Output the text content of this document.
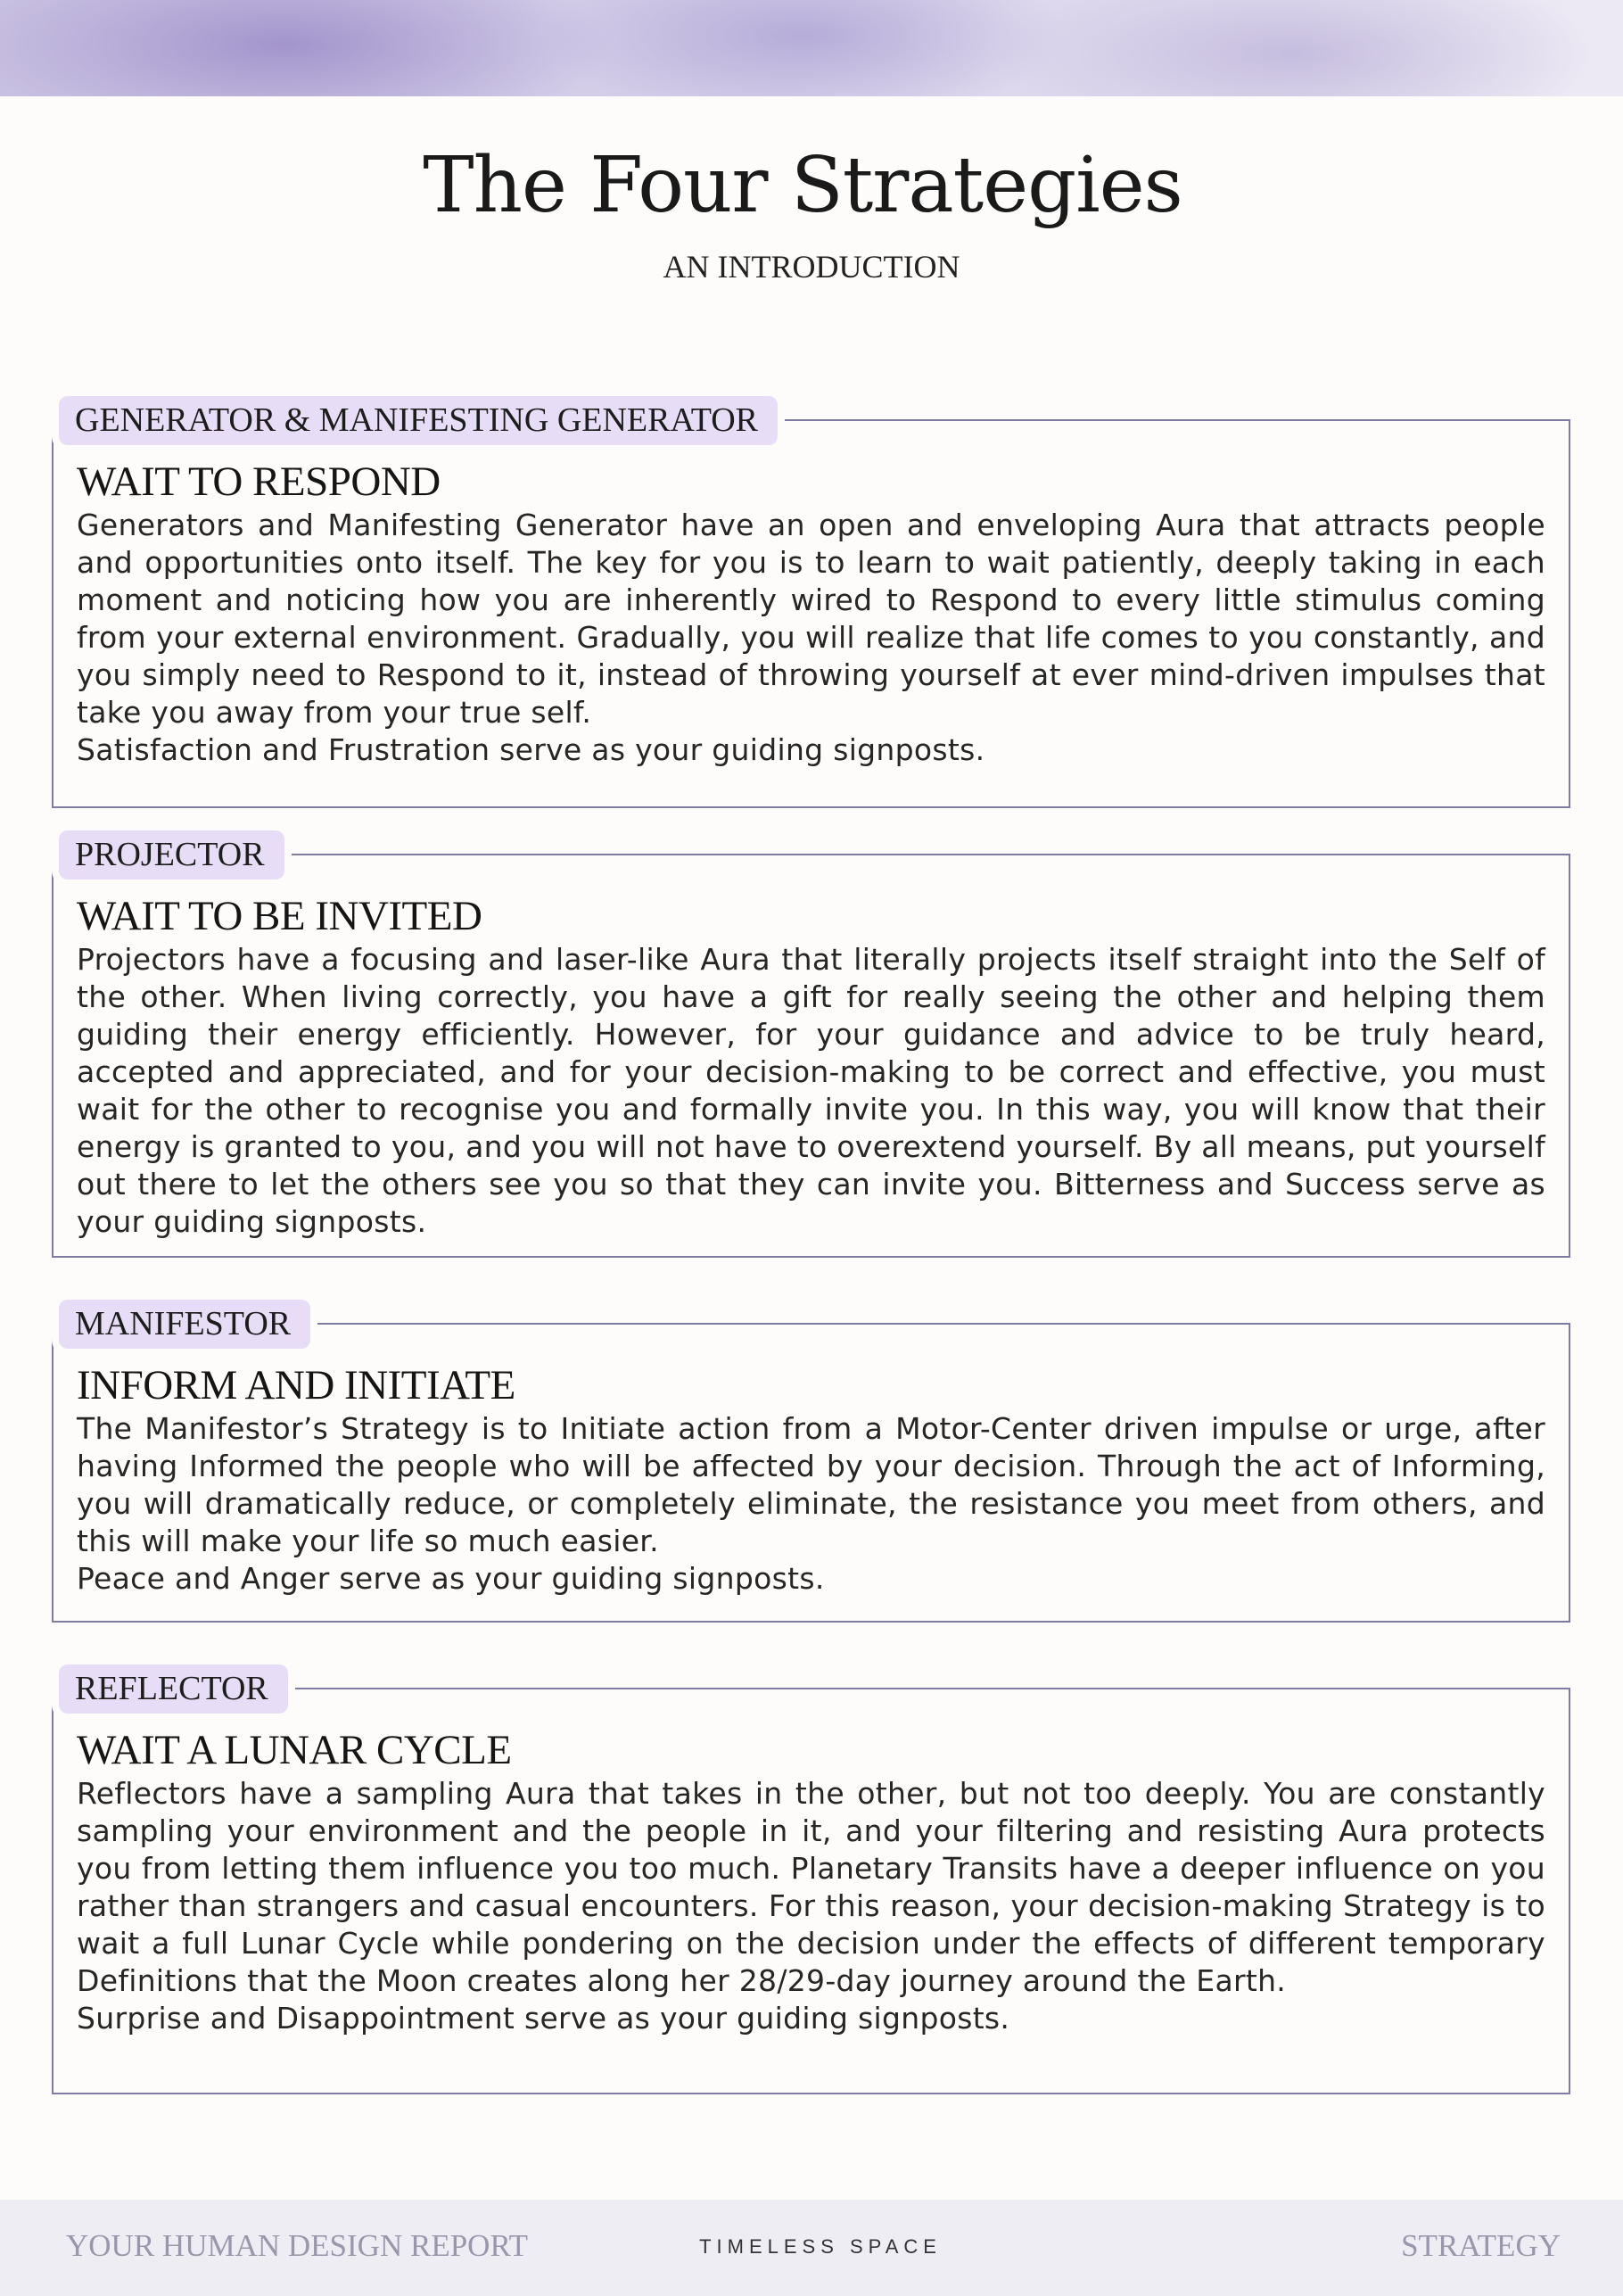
The Four Strategies
AN INTRODUCTION
GENERATOR & MANIFESTING GENERATOR
WAIT TO RESPOND

Generators and Manifesting Generator have an open and enveloping Aura that attracts people and opportunities onto itself. The key for you is to learn to wait patiently, deeply taking in each moment and noticing how you are inherently wired to Respond to every little stimulus coming from your external environment. Gradually, you will realize that life comes to you constantly, and you simply need to Respond to it, instead of throwing yourself at ever mind-driven impulses that take you away from your true self.

Satisfaction and Frustration serve as your guiding signposts.

PROJECTOR
WAIT TO BE INVITED

Projectors have a focusing and laser-like Aura that literally projects itself straight into the Self of the other. When living correctly, you have a gift for really seeing the other and helping them guiding their energy efficiently. However, for your guidance and advice to be truly heard, accepted and appreciated, and for your decision-making to be correct and effective, you must wait for the other to recognise you and formally invite you. In this way, you will know that their energy is granted to you, and you will not have to overextend yourself. By all means, put yourself out there to let the others see you so that they can invite you. Bitterness and Success serve as your guiding signposts.

MANIFESTOR
INFORM AND INITIATE

The Manifestor’s Strategy is to Initiate action from a Motor-Center driven impulse or urge, after having Informed the people who will be affected by your decision. Through the act of Informing, you will dramatically reduce, or completely eliminate, the resistance you meet from others, and this will make your life so much easier.

Peace and Anger serve as your guiding signposts.

REFLECTOR
WAIT A LUNAR CYCLE

Reflectors have a sampling Aura that takes in the other, but not too deeply. You are constantly sampling your environment and the people in it, and your filtering and resisting Aura protects you from letting them influence you too much. Planetary Transits have a deeper influence on you rather than strangers and casual encounters. For this reason, your decision-making Strategy is to wait a full Lunar Cycle while pondering on the decision under the effects of different temporary Definitions that the Moon creates along her 28/29-day journey around the Earth.

Surprise and Disappointment serve as your guiding signposts.

YOUR HUMAN DESIGN REPORT	TIMELESS SPACE	STRATEGY
